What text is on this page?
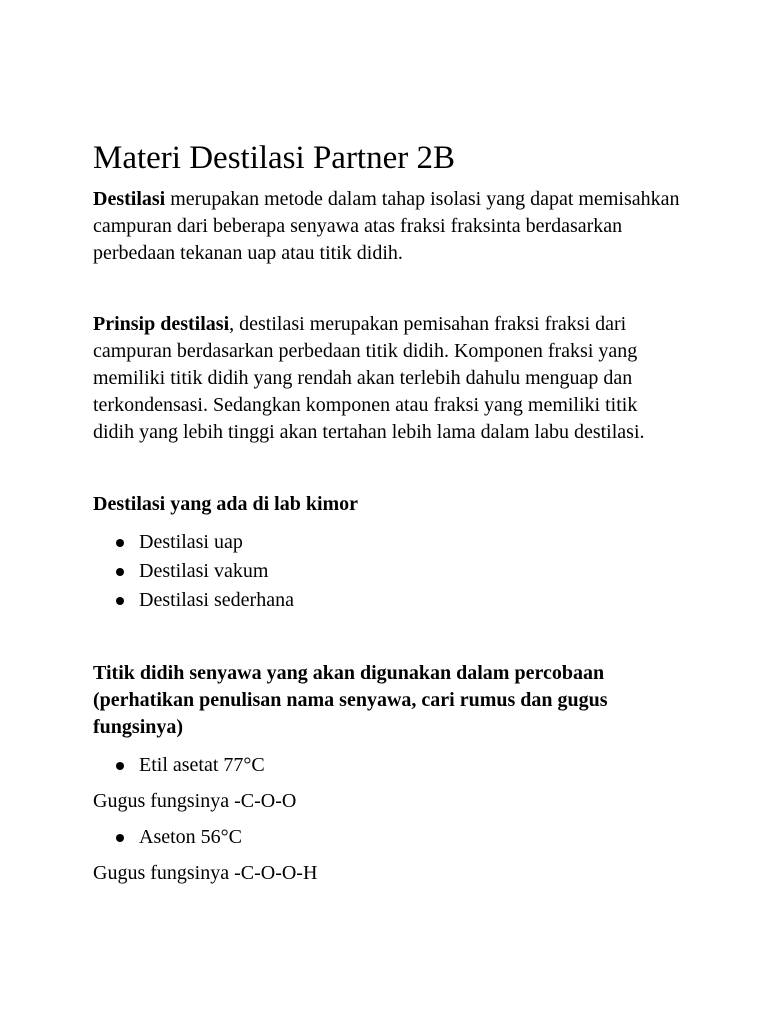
Materi Destilasi Partner 2B

Destilasi merupakan metode dalam tahap isolasi yang dapat memisahkan campuran dari beberapa senyawa atas fraksi fraksinta berdasarkan perbedaan tekanan uap atau titik didih.

Prinsip destilasi, destilasi merupakan pemisahan fraksi fraksi dari campuran berdasarkan perbedaan titik didih. Komponen fraksi yang memiliki titik didih yang rendah akan terlebih dahulu menguap dan terkondensasi. Sedangkan komponen atau fraksi yang memiliki titik didih yang lebih tinggi akan tertahan lebih lama dalam labu destilasi.

Destilasi yang ada di lab kimor
Destilasi uap
Destilasi vakum
Destilasi sederhana
Titik didih senyawa yang akan digunakan dalam percobaan (perhatikan penulisan nama senyawa, cari rumus dan gugus fungsinya)
Etil asetat 77°C

Gugus fungsinya -C-O-O

Aseton 56°C

Gugus fungsinya -C-O-O-H
